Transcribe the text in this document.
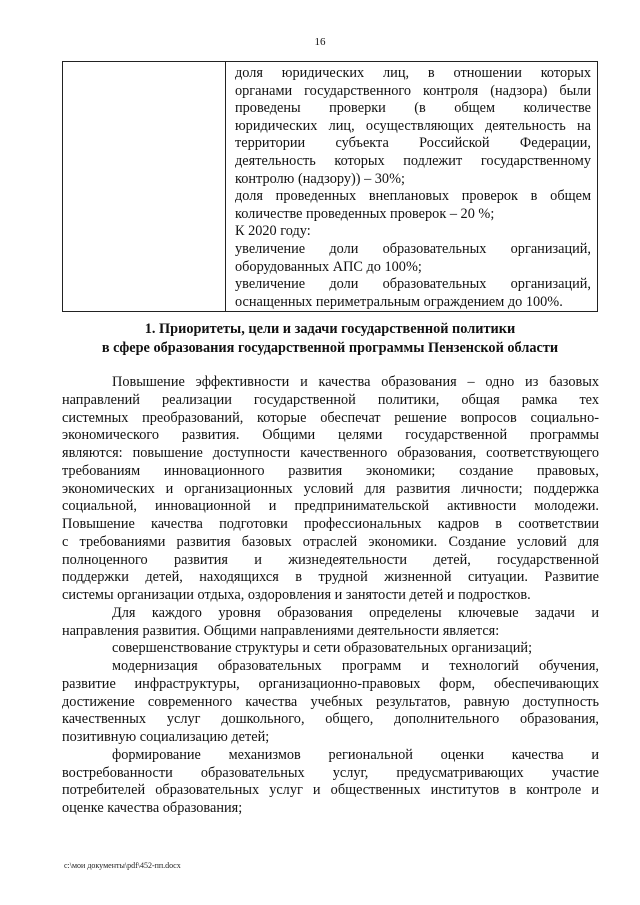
16

доля юридических лиц, в отношении которых
органами государственного контроля (надзора) были
проведены проверки (в общем количестве
юридических лиц, осуществляющих деятельность на
территории субъекта Российской Федерации,
деятельность которых подлежит государственному
контролю (надзору)) – 30%;
доля проведенных внеплановых проверок в общем
количестве проведенных проверок – 20 %;
К 2020 году:
увеличение доли образовательных организаций,
оборудованных АПС до 100%;
увеличение доли образовательных организаций,
оснащенных периметральным ограждением до 100%.
1. Приоритеты, цели и задачи государственной политики
в сфере образования государственной программы Пензенской области
Повышение эффективности и качества образования – одно из базовых
направлений реализации государственной политики, общая рамка тех
системных преобразований, которые обеспечат решение вопросов социально-
экономического развития. Общими целями государственной программы
являются: повышение доступности качественного образования, соответствующего
требованиям инновационного развития экономики; создание правовых,
экономических и организационных условий для развития личности; поддержка
социальной, инновационной и предпринимательской активности молодежи.
Повышение качества подготовки профессиональных кадров в соответствии
с требованиями развития базовых отраслей экономики. Создание условий для
полноценного развития и жизнедеятельности детей, государственной
поддержки детей, находящихся в трудной жизненной ситуации. Развитие
системы организации отдыха, оздоровления и занятости детей и подростков.
Для каждого уровня образования определены ключевые задачи и
направления развития. Общими направлениями деятельности является:
совершенствование структуры и сети образовательных организаций;
модернизация образовательных программ и технологий обучения,
развитие инфраструктуры, организационно-правовых форм, обеспечивающих
достижение современного качества учебных результатов, равную доступность
качественных услуг дошкольного, общего, дополнительного образования,
позитивную социализацию детей;
формирование механизмов региональной оценки качества и
востребованности образовательных услуг, предусматривающих участие
потребителей образовательных услуг и общественных институтов в контроле и
оценке качества образования;
c:\мои документы\pdf\452-пп.docx
